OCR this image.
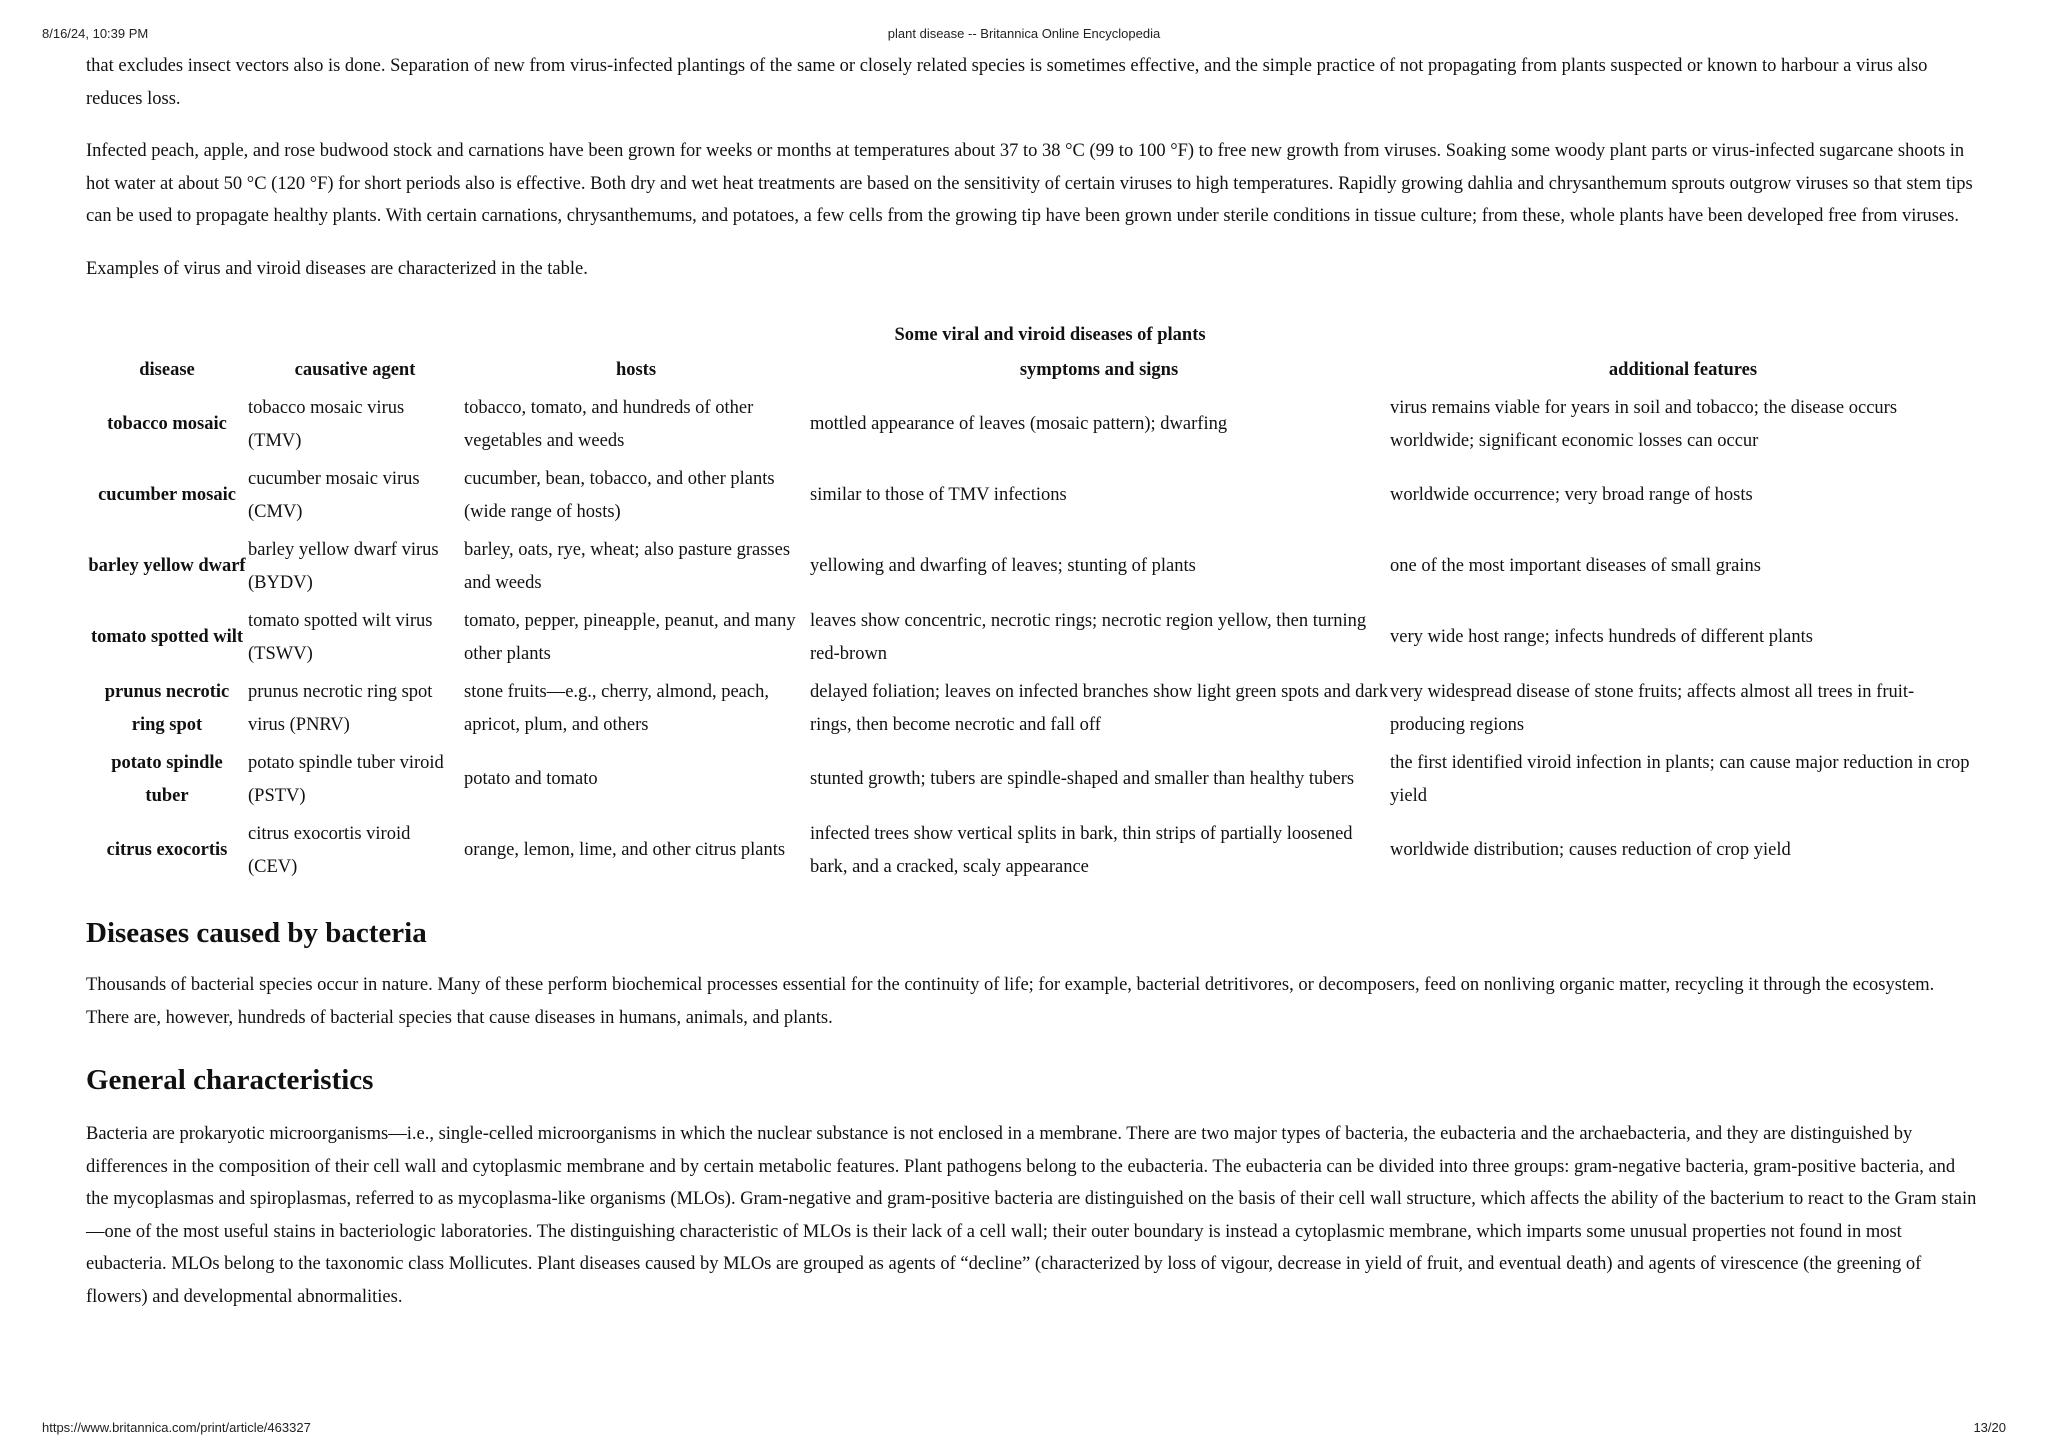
8/16/24, 10:39 PM	plant disease -- Britannica Online Encyclopedia

that excludes insect vectors also is done. Separation of new from virus-infected plantings of the same or closely related species is sometimes effective, and the simple practice of not propagating from plants suspected or known to harbour a virus also reduces loss.

Infected peach, apple, and rose budwood stock and carnations have been grown for weeks or months at temperatures about 37 to 38 °C (99 to 100 °F) to free new growth from viruses. Soaking some woody plant parts or virus-infected sugarcane shoots in hot water at about 50 °C (120 °F) for short periods also is effective. Both dry and wet heat treatments are based on the sensitivity of certain viruses to high temperatures. Rapidly growing dahlia and chrysanthemum sprouts outgrow viruses so that stem tips can be used to propagate healthy plants. With certain carnations, chrysanthemums, and potatoes, a few cells from the growing tip have been grown under sterile conditions in tissue culture; from these, whole plants have been developed free from viruses.

Examples of virus and viroid diseases are characterized in the table.

Some viral and viroid diseases of plants
disease	causative agent	hosts	symptoms and signs	additional features
tobacco mosaic	tobacco mosaic virus (TMV)	tobacco, tomato, and hundreds of other vegetables and weeds	mottled appearance of leaves (mosaic pattern); dwarfing	virus remains viable for years in soil and tobacco; the disease occurs worldwide; significant economic losses can occur
cucumber mosaic	cucumber mosaic virus (CMV)	cucumber, bean, tobacco, and other plants (wide range of hosts)	similar to those of TMV infections	worldwide occurrence; very broad range of hosts
barley yellow dwarf	barley yellow dwarf virus (BYDV)	barley, oats, rye, wheat; also pasture grasses and weeds	yellowing and dwarfing of leaves; stunting of plants	one of the most important diseases of small grains
tomato spotted wilt	tomato spotted wilt virus (TSWV)	tomato, pepper, pineapple, peanut, and many other plants	leaves show concentric, necrotic rings; necrotic region yellow, then turning red-brown	very wide host range; infects hundreds of different plants
prunus necrotic ring spot	prunus necrotic ring spot virus (PNRV)	stone fruits—e.g., cherry, almond, peach, apricot, plum, and others	delayed foliation; leaves on infected branches show light green spots and dark rings, then become necrotic and fall off	very widespread disease of stone fruits; affects almost all trees in fruit-producing regions
potato spindle tuber	potato spindle tuber viroid (PSTV)	potato and tomato	stunted growth; tubers are spindle-shaped and smaller than healthy tubers	the first identified viroid infection in plants; can cause major reduction in crop yield
citrus exocortis	citrus exocortis viroid (CEV)	orange, lemon, lime, and other citrus plants	infected trees show vertical splits in bark, thin strips of partially loosened bark, and a cracked, scaly appearance	worldwide distribution; causes reduction of crop yield
Diseases caused by bacteria

Thousands of bacterial species occur in nature. Many of these perform biochemical processes essential for the continuity of life; for example, bacterial detritivores, or decomposers, feed on nonliving organic matter, recycling it through the ecosystem. There are, however, hundreds of bacterial species that cause diseases in humans, animals, and plants.

General characteristics

Bacteria are prokaryotic microorganisms—i.e., single-celled microorganisms in which the nuclear substance is not enclosed in a membrane. There are two major types of bacteria, the eubacteria and the archaebacteria, and they are distinguished by differences in the composition of their cell wall and cytoplasmic membrane and by certain metabolic features. Plant pathogens belong to the eubacteria. The eubacteria can be divided into three groups: gram-negative bacteria, gram-positive bacteria, and the mycoplasmas and spiroplasmas, referred to as mycoplasma-like organisms (MLOs). Gram-negative and gram-positive bacteria are distinguished on the basis of their cell wall structure, which affects the ability of the bacterium to react to the Gram stain—one of the most useful stains in bacteriologic laboratories. The distinguishing characteristic of MLOs is their lack of a cell wall; their outer boundary is instead a cytoplasmic membrane, which imparts some unusual properties not found in most eubacteria. MLOs belong to the taxonomic class Mollicutes. Plant diseases caused by MLOs are grouped as agents of “decline” (characterized by loss of vigour, decrease in yield of fruit, and eventual death) and agents of virescence (the greening of flowers) and developmental abnormalities.

https://www.britannica.com/print/article/463327	13/20
